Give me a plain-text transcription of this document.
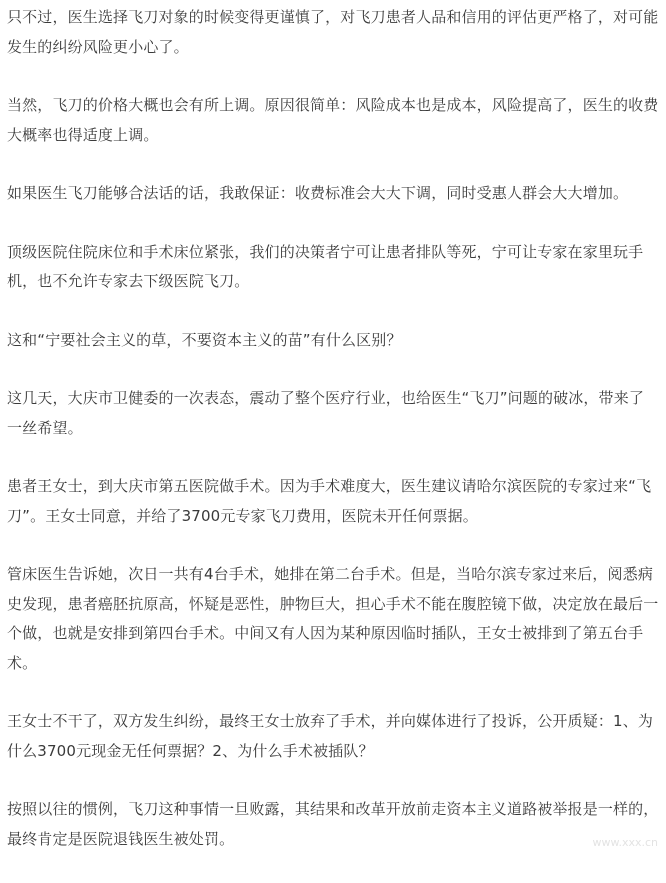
只不过，医生选择飞刀对象的时候变得更谨慎了，对飞刀患者人品和信用的评估更严格了，对可能发生的纠纷风险更小心了。

当然，飞刀的价格大概也会有所上调。原因很简单：风险成本也是成本，风险提高了，医生的收费大概率也得适度上调。

如果医生飞刀能够合法话的话，我敢保证：收费标准会大大下调，同时受惠人群会大大增加。

顶级医院住院床位和手术床位紧张，我们的决策者宁可让患者排队等死，宁可让专家在家里玩手机，也不允许专家去下级医院飞刀。

这和“宁要社会主义的草，不要资本主义的苗”有什么区别？

这几天，大庆市卫健委的一次表态，震动了整个医疗行业，也给医生“飞刀”问题的破冰，带来了一丝希望。

患者王女士，到大庆市第五医院做手术。因为手术难度大，医生建议请哈尔滨医院的专家过来“飞刀”。王女士同意，并给了3700元专家飞刀费用，医院未开任何票据。

管床医生告诉她，次日一共有4台手术，她排在第二台手术。但是，当哈尔滨专家过来后，阅悉病史发现，患者癌胚抗原高，怀疑是恶性，肿物巨大，担心手术不能在腹腔镜下做，决定放在最后一个做，也就是安排到第四台手术。中间又有人因为某种原因临时插队，王女士被排到了第五台手术。

王女士不干了，双方发生纠纷，最终王女士放弃了手术，并向媒体进行了投诉，公开质疑：1、为什么3700元现金无任何票据？2、为什么手术被插队？

按照以往的惯例，飞刀这种事情一旦败露，其结果和改革开放前走资本主义道路被举报是一样的，最终肯定是医院退钱医生被处罚。	www.xxx.cn
